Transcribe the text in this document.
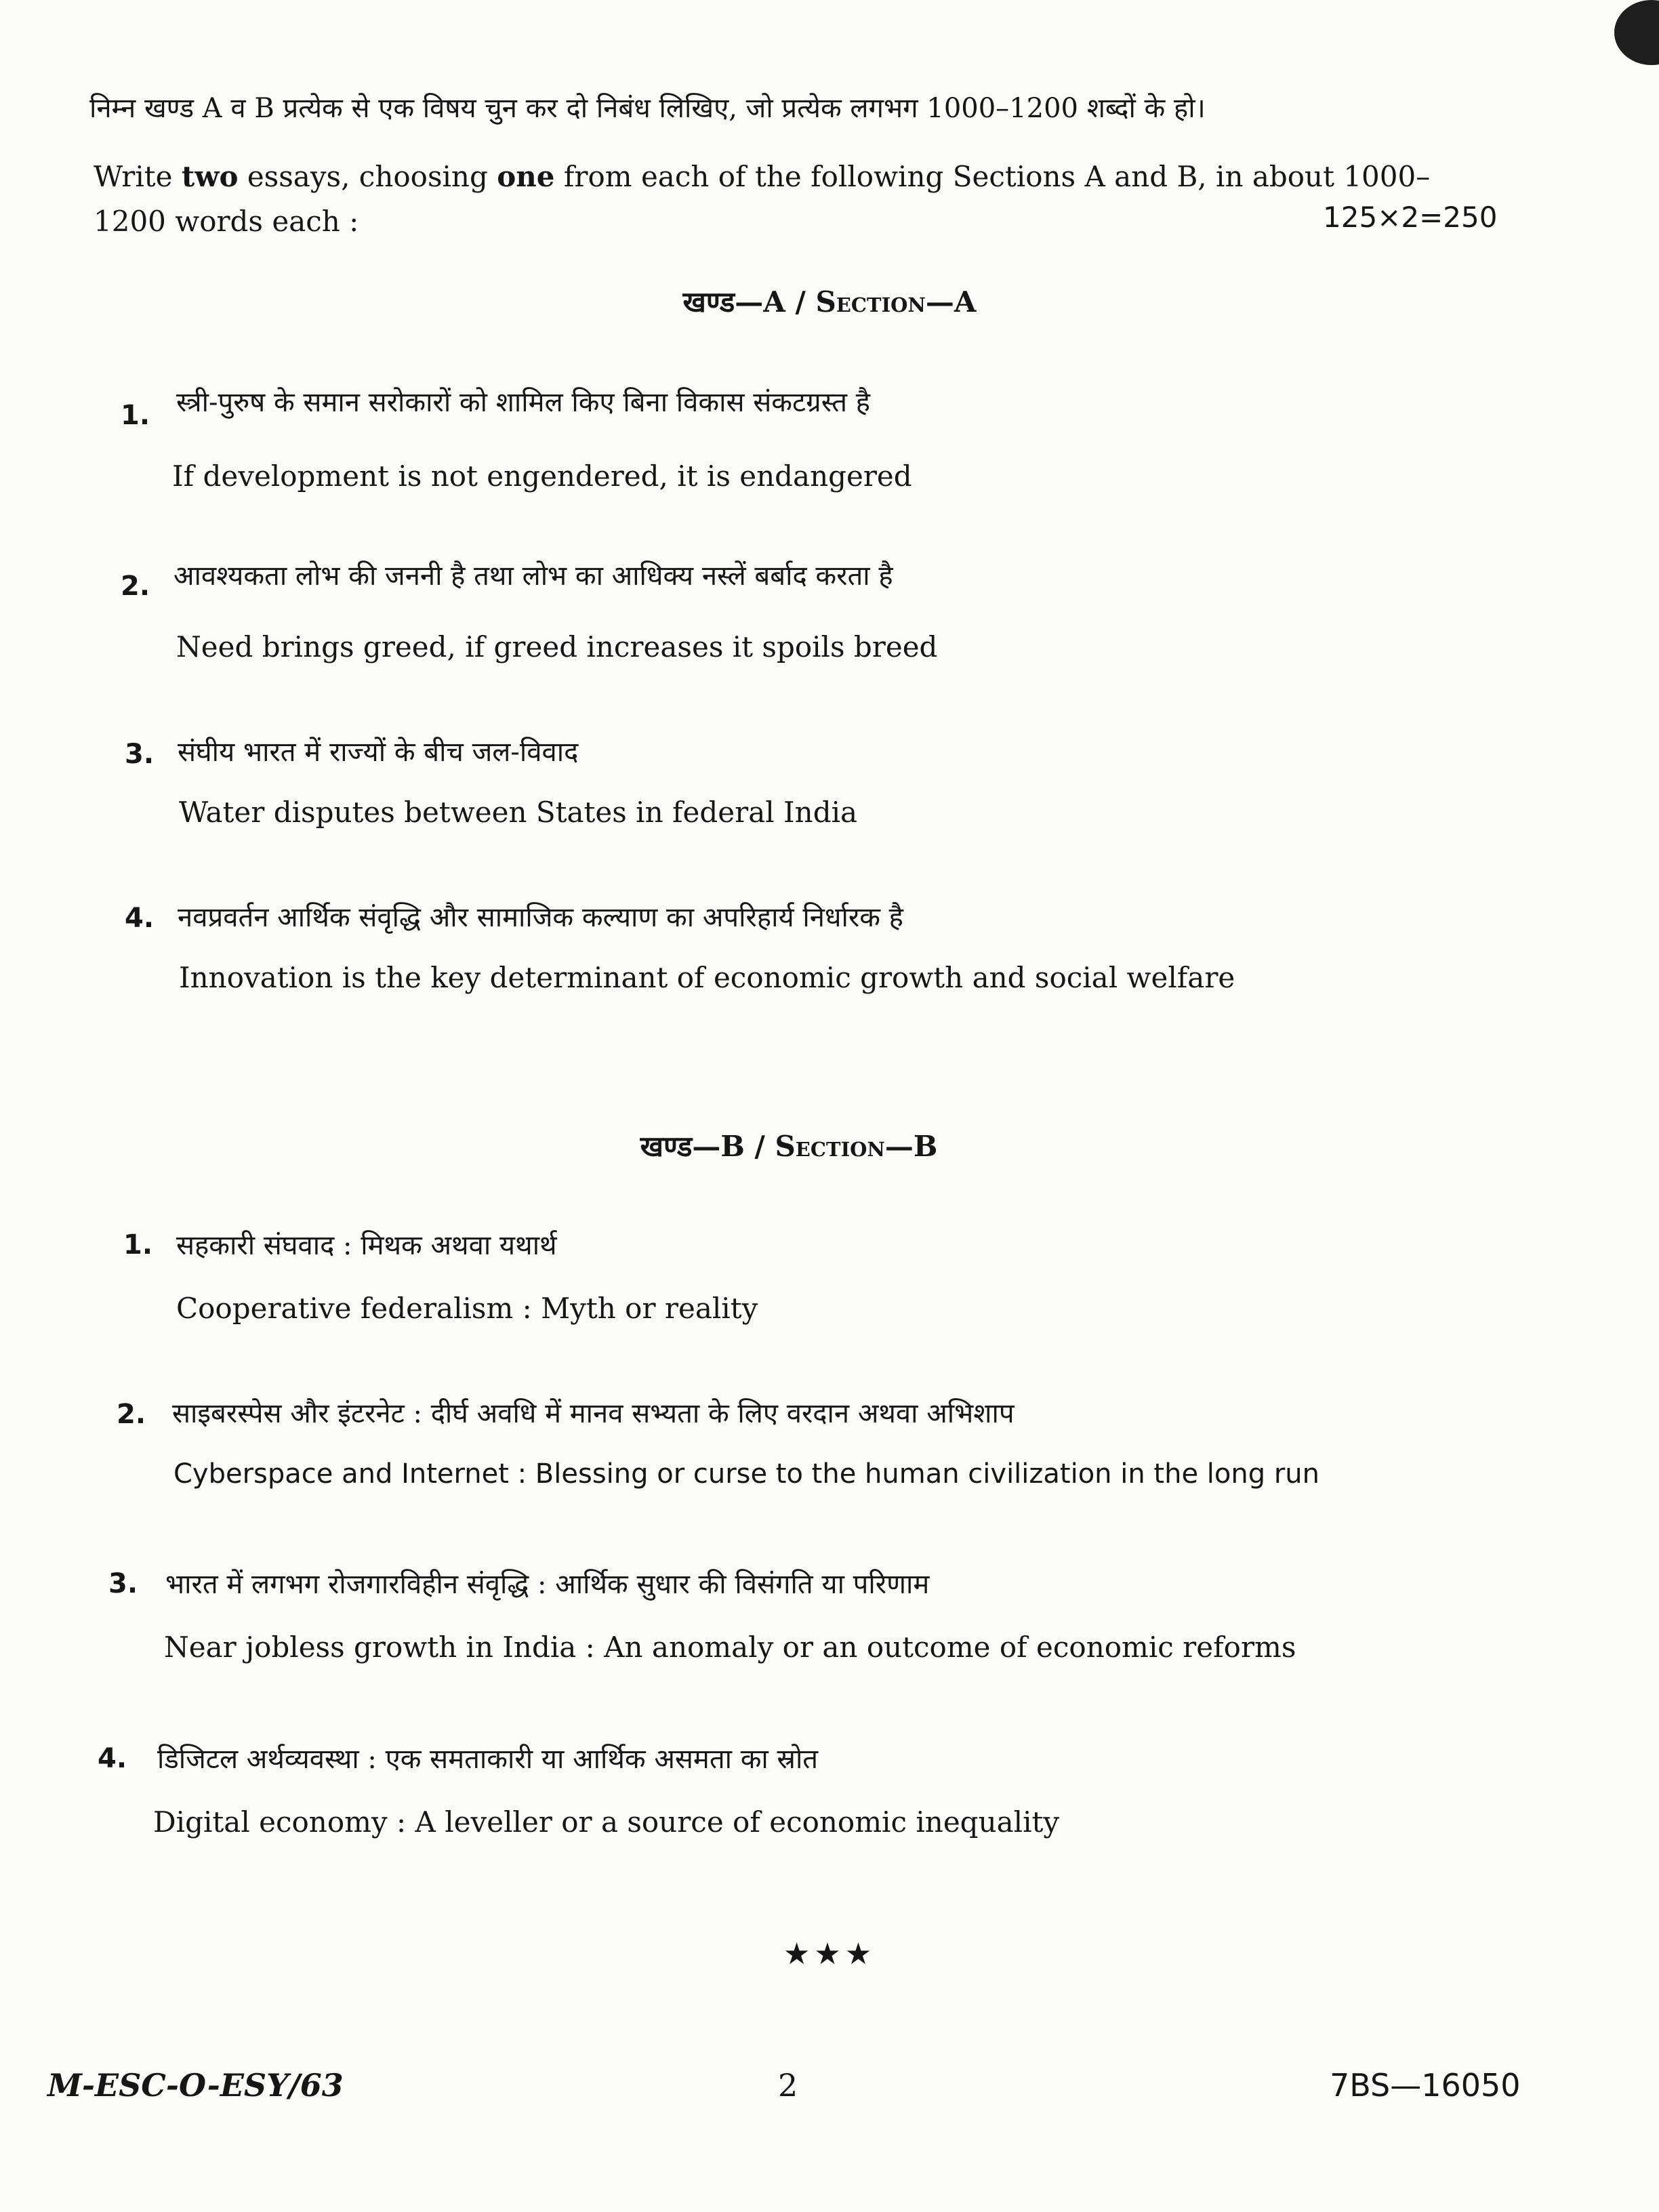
निम्न खण्ड A व B प्रत्येक से एक विषय चुन कर दो निबंध लिखिए, जो प्रत्येक लगभग 1000–1200 शब्दों के हो।
Write two essays, choosing one from each of the following Sections A and B, in about 1000–1200 words each :	125×2=250
खण्ड—A / Section—A
1. स्त्री-पुरुष के समान सरोकारों को शामिल किए बिना विकास संकटग्रस्त है
If development is not engendered, it is endangered
2. आवश्यकता लोभ की जननी है तथा लोभ का आधिक्य नस्लें बर्बाद करता है
Need brings greed, if greed increases it spoils breed
3. संघीय भारत में राज्यों के बीच जल-विवाद
Water disputes between States in federal India
4. नवप्रवर्तन आर्थिक संवृद्धि और सामाजिक कल्याण का अपरिहार्य निर्धारक है
Innovation is the key determinant of economic growth and social welfare
खण्ड—B / Section—B
1. सहकारी संघवाद : मिथक अथवा यथार्थ
Cooperative federalism : Myth or reality
2. साइबरस्पेस और इंटरनेट : दीर्घ अवधि में मानव सभ्यता के लिए वरदान अथवा अभिशाप
Cyberspace and Internet : Blessing or curse to the human civilization in the long run
3. भारत में लगभग रोजगारविहीन संवृद्धि : आर्थिक सुधार की विसंगति या परिणाम
Near jobless growth in India : An anomaly or an outcome of economic reforms
4. डिजिटल अर्थव्यवस्था : एक समताकारी या आर्थिक असमता का स्रोत
Digital economy : A leveller or a source of economic inequality
★★★
M-ESC-O-ESY/63	2	7BS—16050
